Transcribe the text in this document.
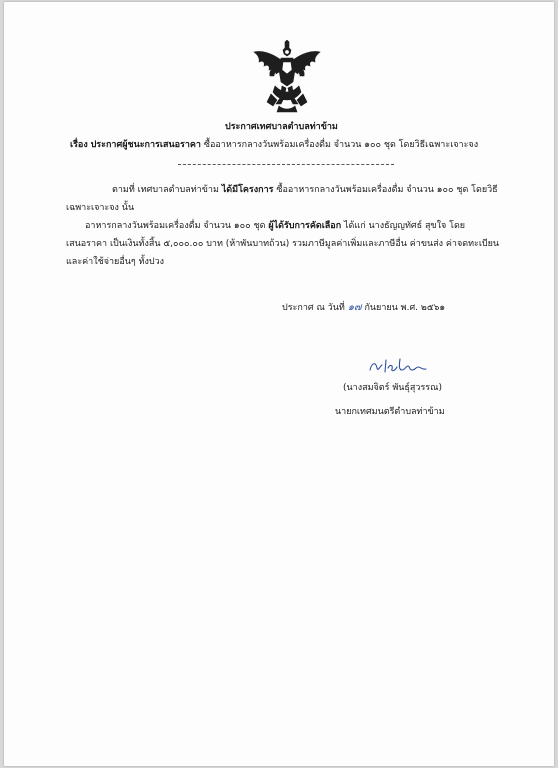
ประกาศเทศบาลตำบลท่าข้าม
เรื่อง ประกาศผู้ชนะการเสนอราคา ซื้ออาหารกลางวันพร้อมเครื่องดื่ม จำนวน ๑๐๐ ชุด โดยวิธีเฉพาะเจาะจง
ตามที่ เทศบาลตำบลท่าข้าม ได้มีโครงการ ซื้ออาหารกลางวันพร้อมเครื่องดื่ม จำนวน ๑๐๐ ชุด โดยวิธี
เฉพาะเจาะจง นั้น
อาหารกลางวันพร้อมเครื่องดื่ม จำนวน ๑๐๐ ชุด ผู้ได้รับการคัดเลือก ได้แก่ นางธัญญทัศธ์ สุขใจ โดย
เสนอราคา เป็นเงินทั้งสิ้น ๕,๐๐๐.๐๐ บาท (ห้าพันบาทถ้วน) รวมภาษีมูลค่าเพิ่มและภาษีอื่น ค่าขนส่ง ค่าจดทะเบียน
และค่าใช้จ่ายอื่นๆ ทั้งปวง
ประกาศ ณ วันที่ ๑๗ กันยายน พ.ศ. ๒๕๖๑
(นางสมจิตร์ พันธุ์สุวรรณ)
นายกเทศมนตรีตำบลท่าข้าม
